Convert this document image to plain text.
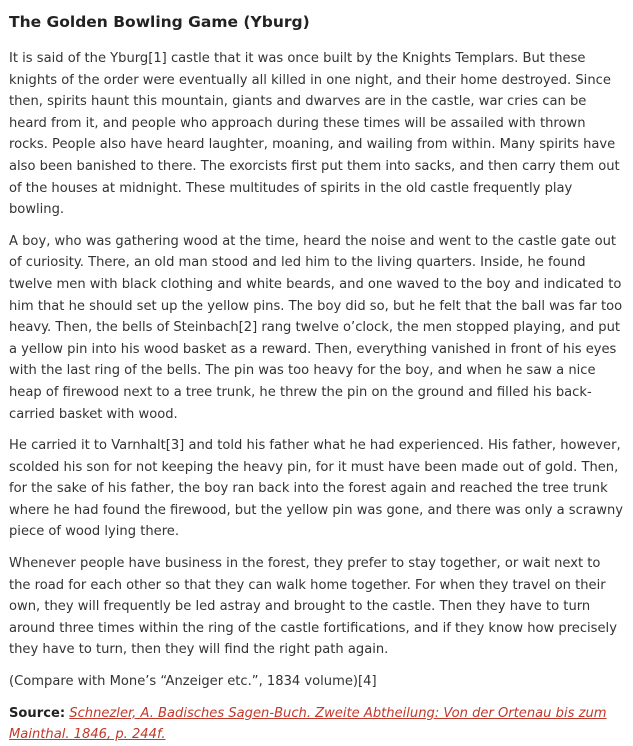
The Golden Bowling Game (Yburg)

It is said of the Yburg[1] castle that it was once built by the Knights Templars. But these knights of the order were eventually all killed in one night, and their home destroyed. Since then, spirits haunt this mountain, giants and dwarves are in the castle, war cries can be heard from it, and people who approach during these times will be assailed with thrown rocks. People also have heard laughter, moaning, and wailing from within. Many spirits have also been banished to there. The exorcists first put them into sacks, and then carry them out of the houses at midnight. These multitudes of spirits in the old castle frequently play bowling.

A boy, who was gathering wood at the time, heard the noise and went to the castle gate out of curiosity. There, an old man stood and led him to the living quarters. Inside, he found twelve men with black clothing and white beards, and one waved to the boy and indicated to him that he should set up the yellow pins. The boy did so, but he felt that the ball was far too heavy. Then, the bells of Steinbach[2] rang twelve o’clock, the men stopped playing, and put a yellow pin into his wood basket as a reward. Then, everything vanished in front of his eyes with the last ring of the bells. The pin was too heavy for the boy, and when he saw a nice heap of firewood next to a tree trunk, he threw the pin on the ground and filled his back-carried basket with wood.

He carried it to Varnhalt[3] and told his father what he had experienced. His father, however, scolded his son for not keeping the heavy pin, for it must have been made out of gold. Then, for the sake of his father, the boy ran back into the forest again and reached the tree trunk where he had found the firewood, but the yellow pin was gone, and there was only a scrawny piece of wood lying there.

Whenever people have business in the forest, they prefer to stay together, or wait next to the road for each other so that they can walk home together. For when they travel on their own, they will frequently be led astray and brought to the castle. Then they have to turn around three times within the ring of the castle fortifications, and if they know how precisely they have to turn, then they will find the right path again.

(Compare with Mone’s “Anzeiger etc.”, 1834 volume)[4]

Source: Schnezler, A. Badisches Sagen-Buch. Zweite Abtheilung: Von der Ortenau bis zum Mainthal. 1846, p. 244f.
